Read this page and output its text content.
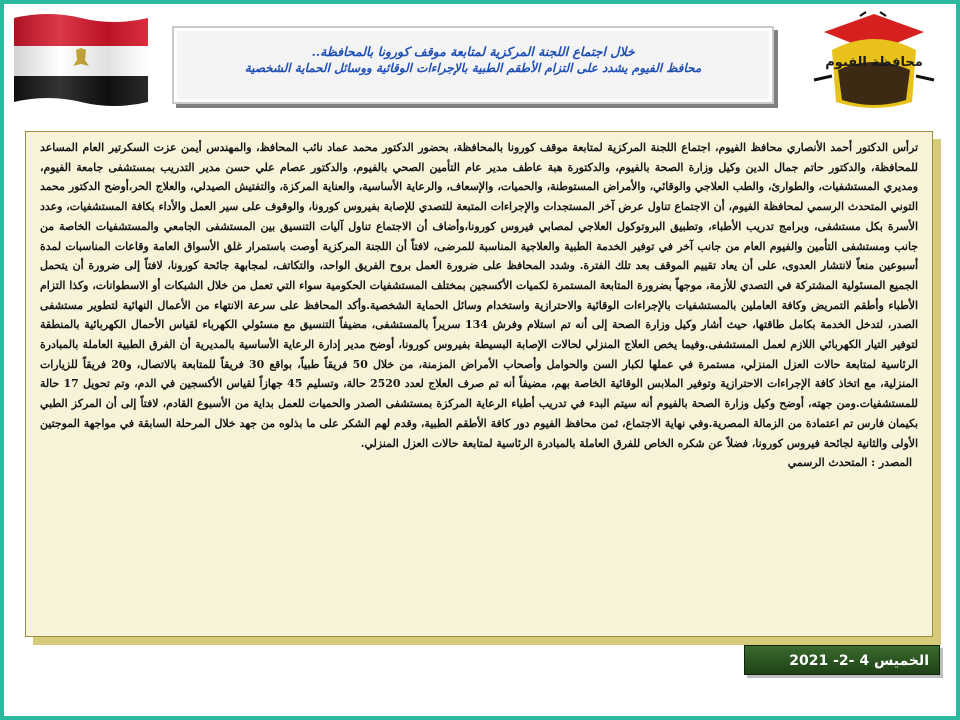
محافظة الفيوم
خلال اجتماع اللجنة المركزية لمتابعة موقف كورونا بالمحافظة..
محافظ الفيوم يشدد على التزام الأطقم الطبية بالإجراءات الوقائية ووسائل الحماية الشخصية

ترأس الدكتور أحمد الأنصاري محافظ الفيوم، اجتماع اللجنة المركزية لمتابعة موقف كورونا بالمحافظة، بحضور الدكتور محمد عماد نائب المحافظ، والمهندس أيمن عزت السكرتير العام المساعد للمحافظة، والدكتور حاتم جمال الدين وكيل وزارة الصحة بالفيوم، والدكتورة هبة عاطف مدير عام التأمين الصحي بالفيوم، والدكتور عصام علي حسن مدير التدريب بمستشفى جامعة الفيوم، ومديري المستشفيات، والطوارئ، والطب العلاجي والوقائي، والأمراض المستوطنة، والحميات، والإسعاف، والرعاية الأساسية، والعناية المركزة، والتفتيش الصيدلي، والعلاج الحر،أوضح الدكتور محمد التوني المتحدث الرسمي لمحافظة الفيوم، أن الاجتماع تناول عرض آخر المستجدات والإجراءات المتبعة للتصدي للإصابة بفيروس كورونا، والوقوف على سير العمل والأداء بكافة المستشفيات، وعدد الأسرة بكل مستشفى، وبرامج تدريب الأطباء، وتطبيق البروتوكول العلاجي لمصابي فيروس كورونا،وأضاف أن الاجتماع تناول آليات التنسيق بين المستشفى الجامعي والمستشفيات الخاصة من جانب ومستشفى التأمين والفيوم العام من جانب آخر في توفير الخدمة الطبية والعلاجية المناسبة للمرضى، لافتاً أن اللجنة المركزية أوصت باستمرار غلق الأسواق العامة وقاعات المناسبات لمدة أسبوعين منعاً لانتشار العدوى، على أن يعاد تقييم الموقف بعد تلك الفترة. وشدد المحافظ على ضرورة العمل بروح الفريق الواحد، والتكاتف، لمجابهة جائحة كورونا، لافتاً إلى ضرورة أن يتحمل الجميع المسئولية المشتركة في التصدي للأزمة، موجهاً بضرورة المتابعة المستمرة لكميات الأكسجين بمختلف المستشفيات الحكومية سواء التي تعمل من خلال الشبكات أو الاسطوانات، وكذا التزام الأطباء وأطقم التمريض وكافة العاملين بالمستشفيات بالإجراءات الوقائية والاحترازية واستخدام وسائل الحماية الشخصية.وأكد المحافظ على سرعة الانتهاء من الأعمال النهائية لتطوير مستشفى الصدر، لتدخل الخدمة بكامل طاقتها، حيث أشار وكيل وزارة الصحة إلى أنه تم استلام وفرش 134 سريراً بالمستشفى، مضيفاً التنسيق مع مسئولي الكهرباء لقياس الأحمال الكهربائية بالمنطقة لتوفير التيار الكهربائي اللازم لعمل المستشفى.وفيما يخص العلاج المنزلي لحالات الإصابة البسيطة بفيروس كورونا، أوضح مدير إدارة الرعاية الأساسية بالمديرية أن الفرق الطبية العاملة بالمبادرة الرئاسية لمتابعة حالات العزل المنزلي، مستمرة في عملها لكبار السن والحوامل وأصحاب الأمراض المزمنة، من خلال 50 فريقاً طبياً، بواقع 30 فريقاً للمتابعة بالاتصال، و20 فريقاً للزيارات المنزلية، مع اتخاذ كافة الإجراءات الاحترازية وتوفير الملابس الوقائية الخاصة بهم، مضيفاً أنه تم صرف العلاج لعدد 2520 حالة، وتسليم 45 جهازاً لقياس الأكسجين في الدم، وتم تحويل 17 حالة للمستشفيات.ومن جهته، أوضح وكيل وزارة الصحة بالفيوم أنه سيتم البدء في تدريب أطباء الرعاية المركزة بمستشفى الصدر والحميات للعمل بداية من الأسبوع القادم، لافتاً إلى أن المركز الطبي بكيمان فارس تم اعتمادة من الزمالة المصرية.وفي نهاية الاجتماع، ثمن محافظ الفيوم دور كافة الأطقم الطبية، وقدم لهم الشكر على ما بذلوه من جهد خلال المرحلة السابقة في مواجهة الموجتين الأولى والثانية لجائحة فيروس كورونا، فضلاً عن شكره الخاص للفرق العاملة بالمبادرة الرئاسية لمتابعة حالات العزل المنزلي.

المصدر : المتحدث الرسمي

الخميس 4 -2- 2021
